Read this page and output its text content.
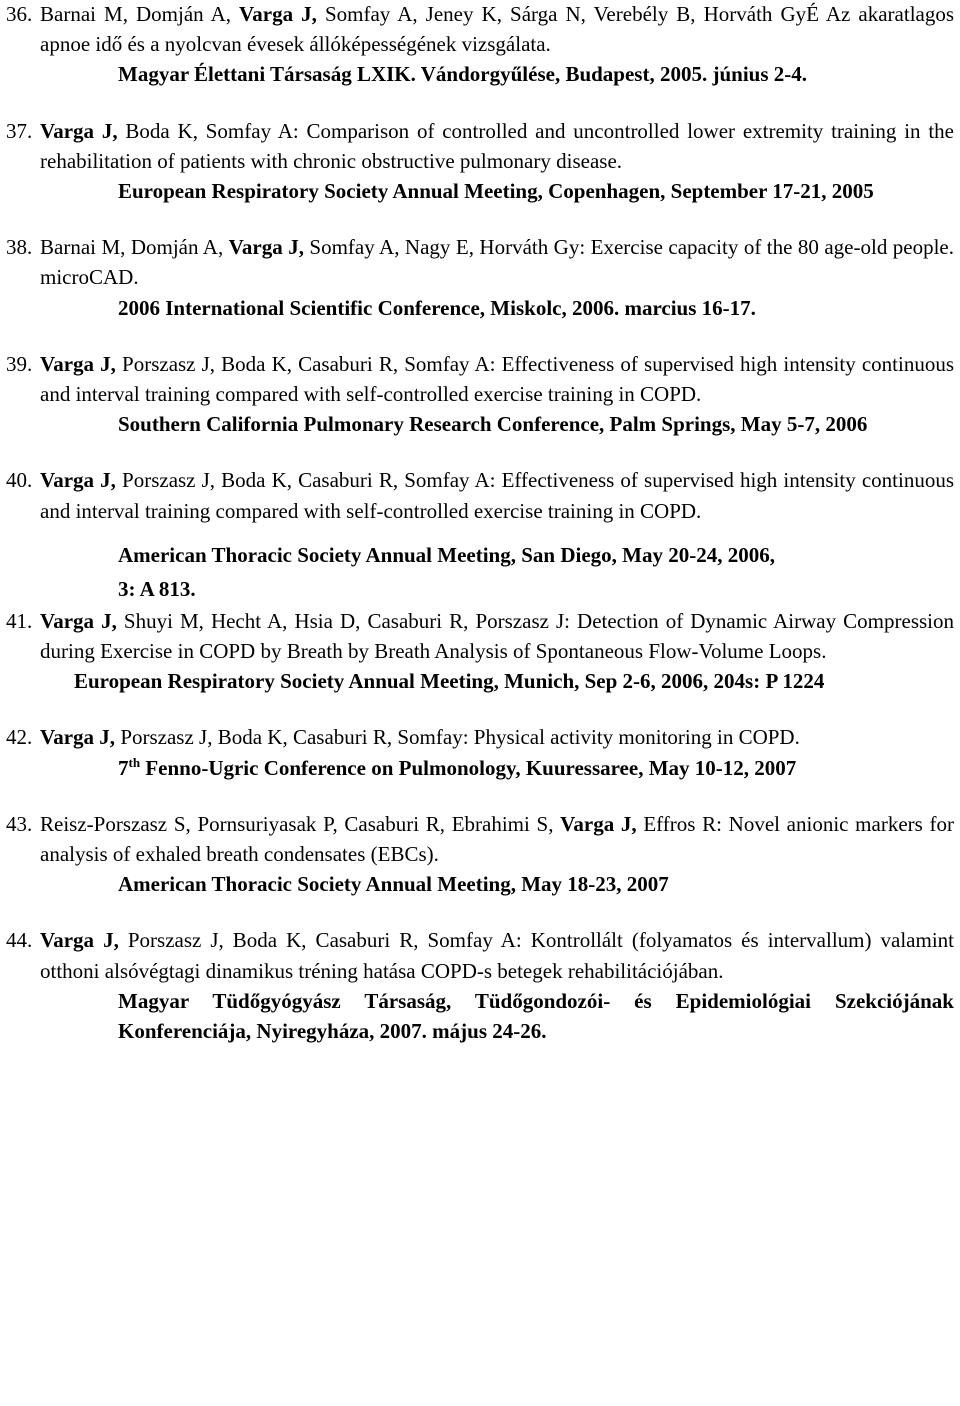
36. Barnai M, Domján A, Varga J, Somfay A, Jeney K, Sárga N, Verebély B, Horváth GyÉ Az akaratlagos apnoe idő és a nyolcvan évesek állóképességének vizsgálata.
Magyar Élettani Társaság LXIK. Vándorgyűlése, Budapest, 2005. június 2-4.
37. Varga J, Boda K, Somfay A: Comparison of controlled and uncontrolled lower extremity training in the rehabilitation of patients with chronic obstructive pulmonary disease.
European Respiratory Society Annual Meeting, Copenhagen, September 17-21, 2005
38. Barnai M, Domján A, Varga J, Somfay A, Nagy E, Horváth Gy: Exercise capacity of the 80 age-old people. microCAD.
2006 International Scientific Conference, Miskolc, 2006. marcius 16-17.
39. Varga J, Porszasz J, Boda K, Casaburi R, Somfay A: Effectiveness of supervised high intensity continuous and interval training compared with self-controlled exercise training in COPD.
Southern California Pulmonary Research Conference, Palm Springs, May 5-7, 2006
40. Varga J, Porszasz J, Boda K, Casaburi R, Somfay A: Effectiveness of supervised high intensity continuous and interval training compared with self-controlled exercise training in COPD.
American Thoracic Society Annual Meeting, San Diego, May 20-24, 2006,
3: A 813.
41. Varga J, Shuyi M, Hecht A, Hsia D, Casaburi R, Porszasz J: Detection of Dynamic Airway Compression during Exercise in COPD by Breath by Breath Analysis of Spontaneous Flow-Volume Loops.
European Respiratory Society Annual Meeting, Munich, Sep 2-6, 2006, 204s: P 1224
42. Varga J, Porszasz J, Boda K, Casaburi R, Somfay: Physical activity monitoring in COPD.
7th Fenno-Ugric Conference on Pulmonology, Kuuressaree, May 10-12, 2007
43. Reisz-Porszasz S, Pornsuriyasak P, Casaburi R, Ebrahimi S, Varga J, Effros R: Novel anionic markers for analysis of exhaled breath condensates (EBCs).
American Thoracic Society Annual Meeting, May 18-23, 2007
44. Varga J, Porszasz J, Boda K, Casaburi R, Somfay A: Kontrollált (folyamatos és intervallum) valamint otthoni alsóvégtagi dinamikus tréning hatása COPD-s betegek rehabilitációjában.
Magyar Tüdőgyógyász Társaság, Tüdőgondozói- és Epidemiológiai Szekciójának Konferenciája, Nyiregyháza, 2007. május 24-26.
